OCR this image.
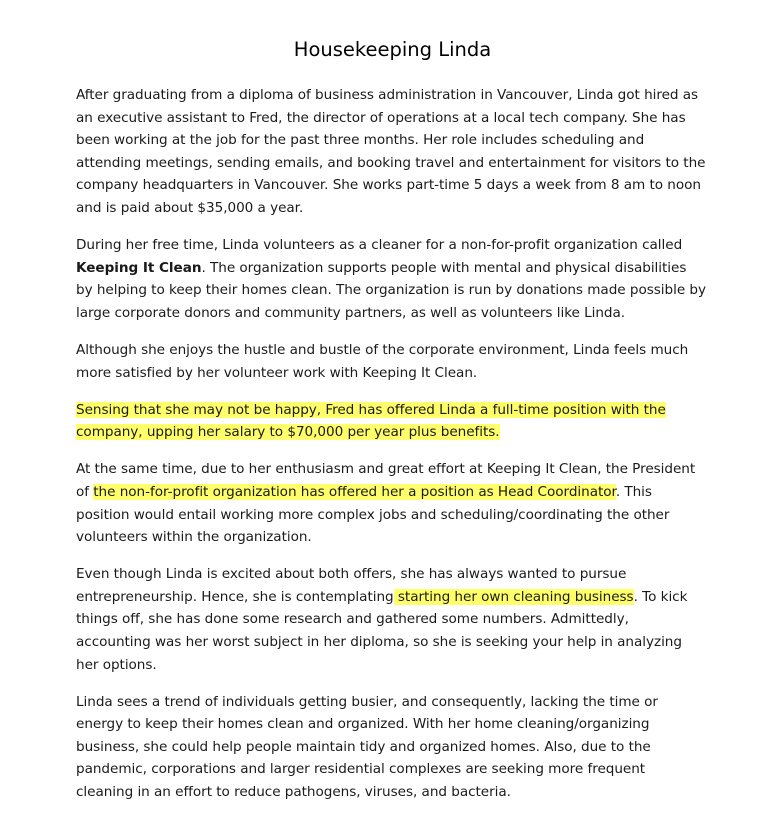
Housekeeping Linda

After graduating from a diploma of business administration in Vancouver, Linda got hired as an executive assistant to Fred, the director of operations at a local tech company. She has been working at the job for the past three months. Her role includes scheduling and attending meetings, sending emails, and booking travel and entertainment for visitors to the company headquarters in Vancouver. She works part-time 5 days a week from 8 am to noon and is paid about $35,000 a year.

During her free time, Linda volunteers as a cleaner for a non-for-profit organization called Keeping It Clean. The organization supports people with mental and physical disabilities by helping to keep their homes clean. The organization is run by donations made possible by large corporate donors and community partners, as well as volunteers like Linda.

Although she enjoys the hustle and bustle of the corporate environment, Linda feels much more satisfied by her volunteer work with Keeping It Clean.

Sensing that she may not be happy, Fred has offered Linda a full-time position with the company, upping her salary to $70,000 per year plus benefits.

At the same time, due to her enthusiasm and great effort at Keeping It Clean, the President of the non-for-profit organization has offered her a position as Head Coordinator. This position would entail working more complex jobs and scheduling/coordinating the other volunteers within the organization.

Even though Linda is excited about both offers, she has always wanted to pursue entrepreneurship. Hence, she is contemplating starting her own cleaning business. To kick things off, she has done some research and gathered some numbers. Admittedly, accounting was her worst subject in her diploma, so she is seeking your help in analyzing her options.

Linda sees a trend of individuals getting busier, and consequently, lacking the time or energy to keep their homes clean and organized. With her home cleaning/organizing business, she could help people maintain tidy and organized homes. Also, due to the pandemic, corporations and larger residential complexes are seeking more frequent cleaning in an effort to reduce pathogens, viruses, and bacteria.
